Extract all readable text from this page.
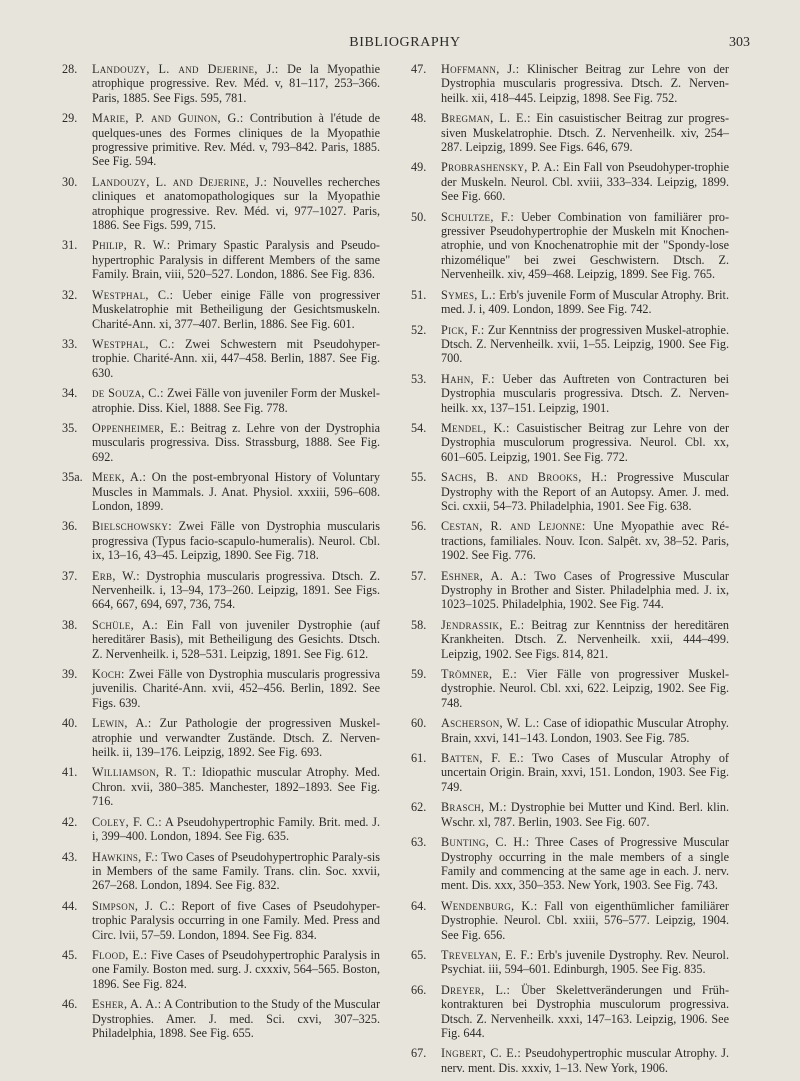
BIBLIOGRAPHY	303
28.	Landouzy, L. and Dejerine, J.: De la Myopathie atrophique progressive. Rev. Méd. v, 81–117, 253–366. Paris, 1885. See Figs. 595, 781.
29.	Marie, P. and Guinon, G.: Contribution à l'étude de quelques-unes des Formes cliniques de la Myopathie progressive primitive. Rev. Méd. v, 793–842. Paris, 1885. See Fig. 594.
30.	Landouzy, L. and Dejerine, J.: Nouvelles recherches cliniques et anatomopathologiques sur la Myopathie atrophique progressive. Rev. Méd. vi, 977–1027. Paris, 1886. See Figs. 599, 715.
31.	Philip, R. W.: Primary Spastic Paralysis and Pseudo-hypertrophic Paralysis in different Members of the same Family. Brain, viii, 520–527. London, 1886. See Fig. 836.
32.	Westphal, C.: Ueber einige Fälle von progressiver Muskelatrophie mit Betheiligung der Gesichtsmuskeln. Charité-Ann. xi, 377–407. Berlin, 1886. See Fig. 601.
33.	Westphal, C.: Zwei Schwestern mit Pseudohyper-trophie. Charité-Ann. xii, 447–458. Berlin, 1887. See Fig. 630.
34.	de Souza, C.: Zwei Fälle von juveniler Form der Muskel-atrophie. Diss. Kiel, 1888. See Fig. 778.
35.	Oppenheimer, E.: Beitrag z. Lehre von der Dystrophia muscularis progressiva. Diss. Strassburg, 1888. See Fig. 692.
35a. Meek, A.: On the post-embryonal History of Voluntary Muscles in Mammals. J. Anat. Physiol. xxxiii, 596–608. London, 1899.
36.	Bielschowsky: Zwei Fälle von Dystrophia muscularis progressiva (Typus facio-scapulo-humeralis). Neurol. Cbl. ix, 13–16, 43–45. Leipzig, 1890. See Fig. 718.
37.	Erb, W.: Dystrophia muscularis progressiva. Dtsch. Z. Nervenheilk. i, 13–94, 173–260. Leipzig, 1891. See Figs. 664, 667, 694, 697, 736, 754.
38.	Schüle, A.: Ein Fall von juveniler Dystrophie (auf hereditärer Basis), mit Betheiligung des Gesichts. Dtsch. Z. Nervenheilk. i, 528–531. Leipzig, 1891. See Fig. 612.
39.	Koch: Zwei Fälle von Dystrophia muscularis progressiva juvenilis. Charité-Ann. xvii, 452–456. Berlin, 1892. See Figs. 639.
40.	Lewin, A.: Zur Pathologie der progressiven Muskel-atrophie und verwandter Zustände. Dtsch. Z. Nerven-heilk. ii, 139–176. Leipzig, 1892. See Fig. 693.
41.	Williamson, R. T.: Idiopathic muscular Atrophy. Med. Chron. xvii, 380–385. Manchester, 1892–1893. See Fig. 716.
42.	Coley, F. C.: A Pseudohypertrophic Family. Brit. med. J. i, 399–400. London, 1894. See Fig. 635.
43.	Hawkins, F.: Two Cases of Pseudohypertrophic Paraly-sis in Members of the same Family. Trans. clin. Soc. xxvii, 267–268. London, 1894. See Fig. 832.
44.	Simpson, J. C.: Report of five Cases of Pseudohyper-trophic Paralysis occurring in one Family. Med. Press and Circ. lvii, 57–59. London, 1894. See Fig. 834.
45.	Flood, E.: Five Cases of Pseudohypertrophic Paralysis in one Family. Boston med. surg. J. cxxxiv, 564–565. Boston, 1896. See Fig. 824.
46.	Esher, A. A.: A Contribution to the Study of the Muscular Dystrophies. Amer. J. med. Sci. cxvi, 307–325. Philadelphia, 1898. See Fig. 655.
47.	Hoffmann, J.: Klinischer Beitrag zur Lehre von der Dystrophia muscularis progressiva. Dtsch. Z. Nerven-heilk. xii, 418–445. Leipzig, 1898. See Fig. 752.
48.	Bregman, L. E.: Ein casuistischer Beitrag zur progres-siven Muskelatrophie. Dtsch. Z. Nervenheilk. xiv, 254–287. Leipzig, 1899. See Figs. 646, 679.
49.	Probrashensky, P. A.: Ein Fall von Pseudohyper-trophie der Muskeln. Neurol. Cbl. xviii, 333–334. Leipzig, 1899. See Fig. 660.
50.	Schultze, F.: Ueber Combination von familiärer pro-gressiver Pseudohypertrophie der Muskeln mit Knochen-atrophie, und von Knochenatrophie mit der "Spondy-lose rhizomélique" bei zwei Geschwistern. Dtsch. Z. Nervenheilk. xiv, 459–468. Leipzig, 1899. See Fig. 765.
51.	Symes, L.: Erb's juvenile Form of Muscular Atrophy. Brit. med. J. i, 409. London, 1899. See Fig. 742.
52.	Pick, F.: Zur Kenntniss der progressiven Muskel-atrophie. Dtsch. Z. Nervenheilk. xvii, 1–55. Leipzig, 1900. See Fig. 700.
53.	Hahn, F.: Ueber das Auftreten von Contracturen bei Dystrophia muscularis progressiva. Dtsch. Z. Nerven-heilk. xx, 137–151. Leipzig, 1901.
54.	Mendel, K.: Casuistischer Beitrag zur Lehre von der Dystrophia musculorum progressiva. Neurol. Cbl. xx, 601–605. Leipzig, 1901. See Fig. 772.
55.	Sachs, B. and Brooks, H.: Progressive Muscular Dystrophy with the Report of an Autopsy. Amer. J. med. Sci. cxxii, 54–73. Philadelphia, 1901. See Fig. 638.
56.	Cestan, R. and Lejonne: Une Myopathie avec Ré-tractions, familiales. Nouv. Icon. Salpêt. xv, 38–52. Paris, 1902. See Fig. 776.
57.	Eshner, A. A.: Two Cases of Progressive Muscular Dystrophy in Brother and Sister. Philadelphia med. J. ix, 1023–1025. Philadelphia, 1902. See Fig. 744.
58.	Jendrassik, E.: Beitrag zur Kenntniss der hereditären Krankheiten. Dtsch. Z. Nervenheilk. xxii, 444–499. Leipzig, 1902. See Figs. 814, 821.
59.	Trömner, E.: Vier Fälle von progressiver Muskel-dystrophie. Neurol. Cbl. xxi, 622. Leipzig, 1902. See Fig. 748.
60.	Ascherson, W. L.: Case of idiopathic Muscular Atrophy. Brain, xxvi, 141–143. London, 1903. See Fig. 785.
61.	Batten, F. E.: Two Cases of Muscular Atrophy of uncertain Origin. Brain, xxvi, 151. London, 1903. See Fig. 749.
62.	Brasch, M.: Dystrophie bei Mutter und Kind. Berl. klin. Wschr. xl, 787. Berlin, 1903. See Fig. 607.
63.	Bunting, C. H.: Three Cases of Progressive Muscular Dystrophy occurring in the male members of a single Family and commencing at the same age in each. J. nerv. ment. Dis. xxx, 350–353. New York, 1903. See Fig. 743.
64.	Wendenburg, K.: Fall von eigenthümlicher familiärer Dystrophie. Neurol. Cbl. xxiii, 576–577. Leipzig, 1904. See Fig. 656.
65.	Trevelyan, E. F.: Erb's juvenile Dystrophy. Rev. Neurol. Psychiat. iii, 594–601. Edinburgh, 1905. See Fig. 835.
66.	Dreyer, L.: Über Skelettveränderungen und Früh-kontrakturen bei Dystrophia musculorum progressiva. Dtsch. Z. Nervenheilk. xxxi, 147–163. Leipzig, 1906. See Fig. 644.
67.	Ingbert, C. E.: Pseudohypertrophic muscular Atrophy. J. nerv. ment. Dis. xxxiv, 1–13. New York, 1906.
